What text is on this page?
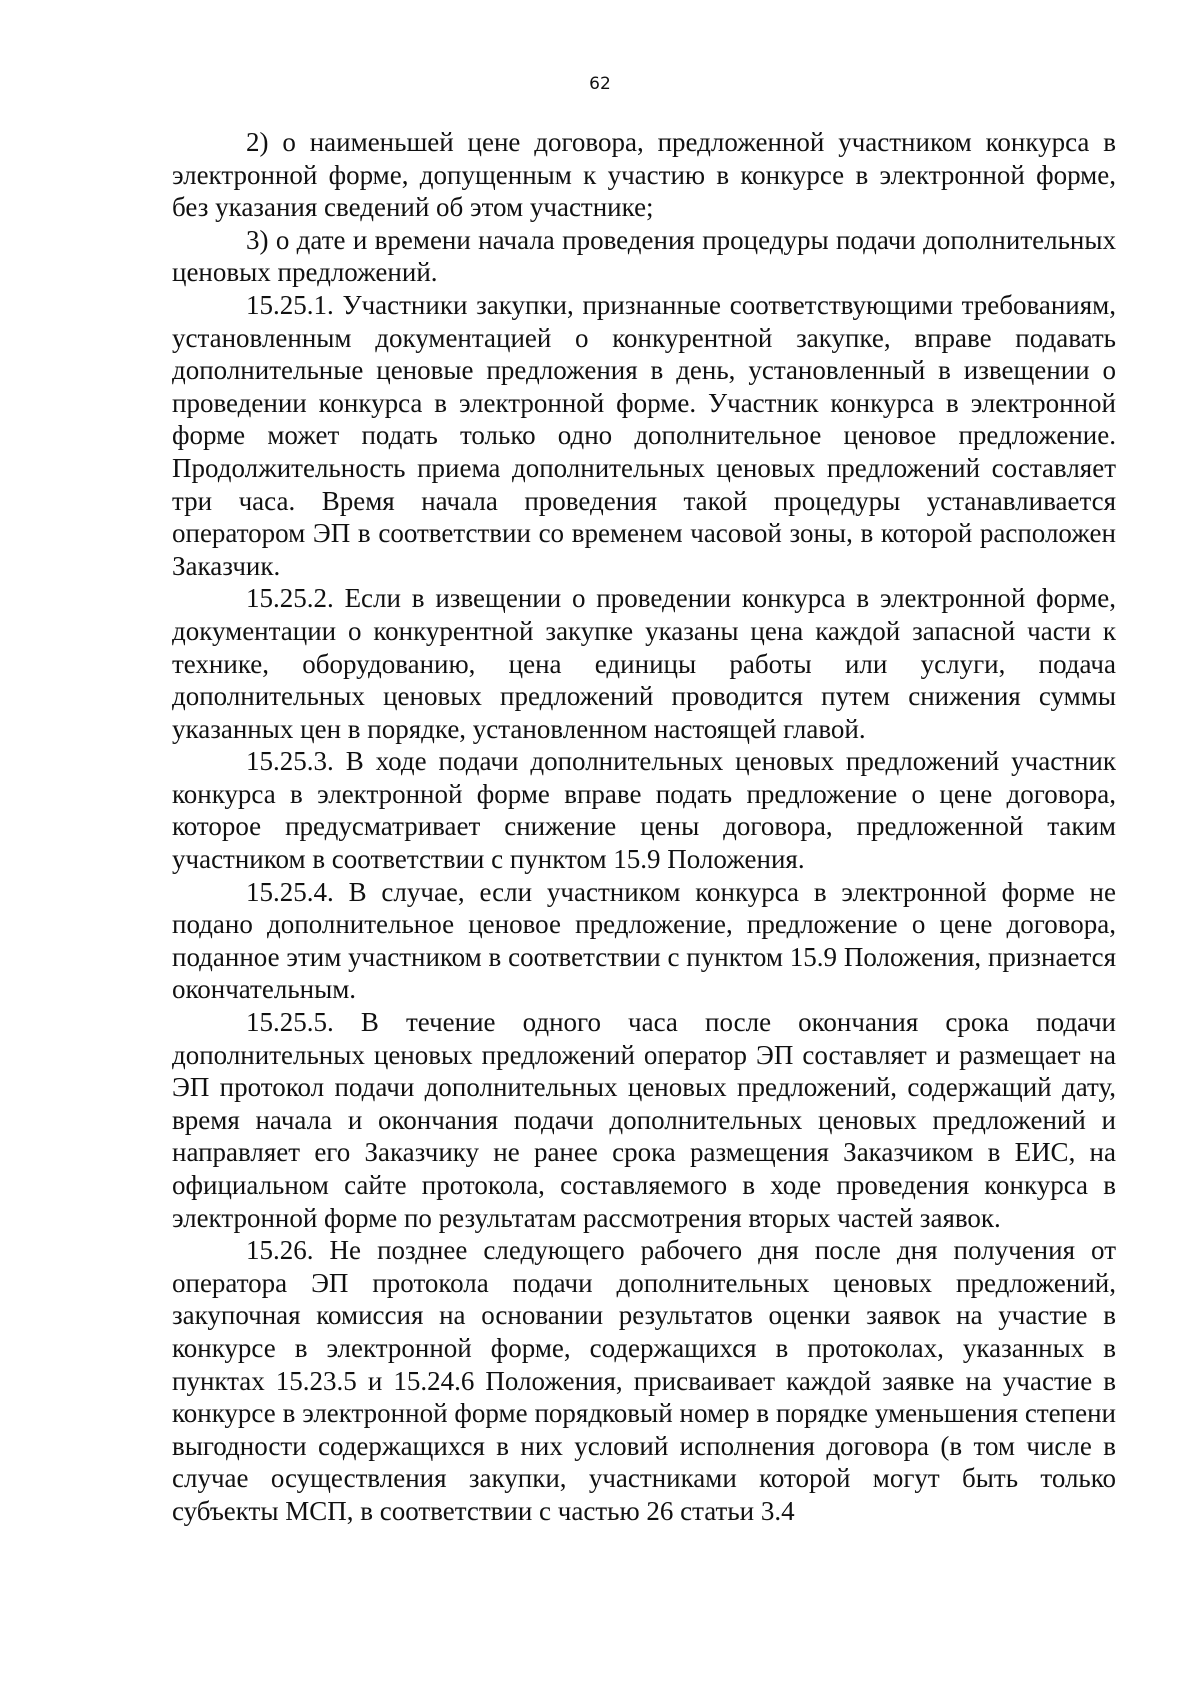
62

2) о наименьшей цене договора, предложенной участником конкурса в электронной форме, допущенным к участию в конкурсе в электронной форме, без указания сведений об этом участнике;

3) о дате и времени начала проведения процедуры подачи дополнительных ценовых предложений.

15.25.1. Участники закупки, признанные соответствующими требованиям, установленным документацией о конкурентной закупке, вправе подавать дополнительные ценовые предложения в день, установленный в извещении о проведении конкурса в электронной форме. Участник конкурса в электронной форме может подать только одно дополнительное ценовое предложение. Продолжительность приема дополнительных ценовых предложений составляет три часа. Время начала проведения такой процедуры устанавливается оператором ЭП в соответствии со временем часовой зоны, в которой расположен Заказчик.

15.25.2. Если в извещении о проведении конкурса в электронной форме, документации о конкурентной закупке указаны цена каждой запасной части к технике, оборудованию, цена единицы работы или услуги, подача дополнительных ценовых предложений проводится путем снижения суммы указанных цен в порядке, установленном настоящей главой.

15.25.3. В ходе подачи дополнительных ценовых предложений участник конкурса в электронной форме вправе подать предложение о цене договора, которое предусматривает снижение цены договора, предложенной таким участником в соответствии с пунктом 15.9 Положения.

15.25.4. В случае, если участником конкурса в электронной форме не подано дополнительное ценовое предложение, предложение о цене договора, поданное этим участником в соответствии с пунктом 15.9 Положения, признается окончательным.

15.25.5. В течение одного часа после окончания срока подачи дополнительных ценовых предложений оператор ЭП составляет и размещает на ЭП протокол подачи дополнительных ценовых предложений, содержащий дату, время начала и окончания подачи дополнительных ценовых предложений и направляет его Заказчику не ранее срока размещения Заказчиком в ЕИС, на официальном сайте протокола, составляемого в ходе проведения конкурса в электронной форме по результатам рассмотрения вторых частей заявок.

15.26. Не позднее следующего рабочего дня после дня получения от оператора ЭП протокола подачи дополнительных ценовых предложений, закупочная комиссия на основании результатов оценки заявок на участие в конкурсе в электронной форме, содержащихся в протоколах, указанных в пунктах 15.23.5 и 15.24.6 Положения, присваивает каждой заявке на участие в конкурсе в электронной форме порядковый номер в порядке уменьшения степени выгодности содержащихся в них условий исполнения договора (в том числе в случае осуществления закупки, участниками которой могут быть только субъекты МСП, в соответствии с частью 26 статьи 3.4
